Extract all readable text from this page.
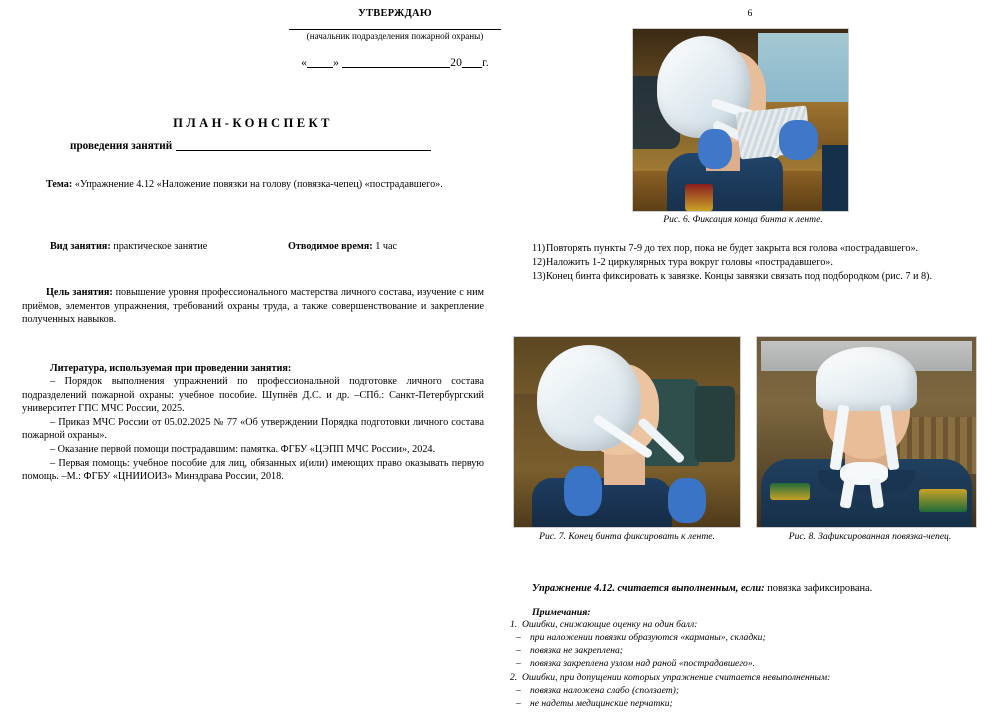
УТВЕРЖДАЮ
(начальник подразделения пожарной охраны)
« »	20 г.
ПЛАН-КОНСПЕКТ
проведения занятий

Тема: «Упражнение 4.12 «Наложение повязки на голову (повязка-чепец) «пострадавшего».

Вид занятия: практическое занятие	Отводимое время: 1 час

Цель занятия: повышение уровня профессионального мастерства личного состава, изучение с ним приёмов, элементов упражнения, требований охраны труда, а также совершенствование и закрепление полученных навыков.

Литература, используемая при проведении занятия:

– Порядок выполнения упражнений по профессиональной подготовке личного состава подразделений пожарной охраны: учебное пособие. Шупнёв Д.С. и др. –СПб.: Санкт-Петербургский университет ГПС МЧС России, 2025.

– Приказ МЧС России от 05.02.2025 № 77 «Об утверждении Порядка подготовки личного состава пожарной охраны».

– Оказание первой помощи пострадавшим: памятка. ФГБУ «ЦЭПП МЧС России», 2024.

– Первая помощь: учебное пособие для лиц, обязанных и(или) имеющих право оказывать первую помощь. –М.: ФГБУ «ЦНИИОИЗ» Минздрава России, 2018.

6
Рис. 6. Фиксация конца бинта к ленте.

11)Повторять пункты 7-9 до тех пор, пока не будет закрыта вся голова «пострадавшего».

12)Наложить 1-2 циркулярных тура вокруг головы «пострадавшего».

13)Конец бинта фиксировать к завязке. Концы завязки связать под подбородком (рис. 7 и 8).

Рис. 7. Конец бинта фиксировать к ленте.	Рис. 8. Зафиксированная повязка-чепец.

Упражнение 4.12. считается выполненным, если: повязка зафиксирована.

Примечания:

1. Ошибки, снижающие оценку на один балл:

– при наложении повязки образуются «карманы», складки;

– повязка не закреплена;

– повязка закреплена узлом над раной «пострадавшего».

2. Ошибки, при допущении которых упражнение считается невыполненным:

– повязка наложена слабо (сползает);

– не надеты медицинские перчатки;
